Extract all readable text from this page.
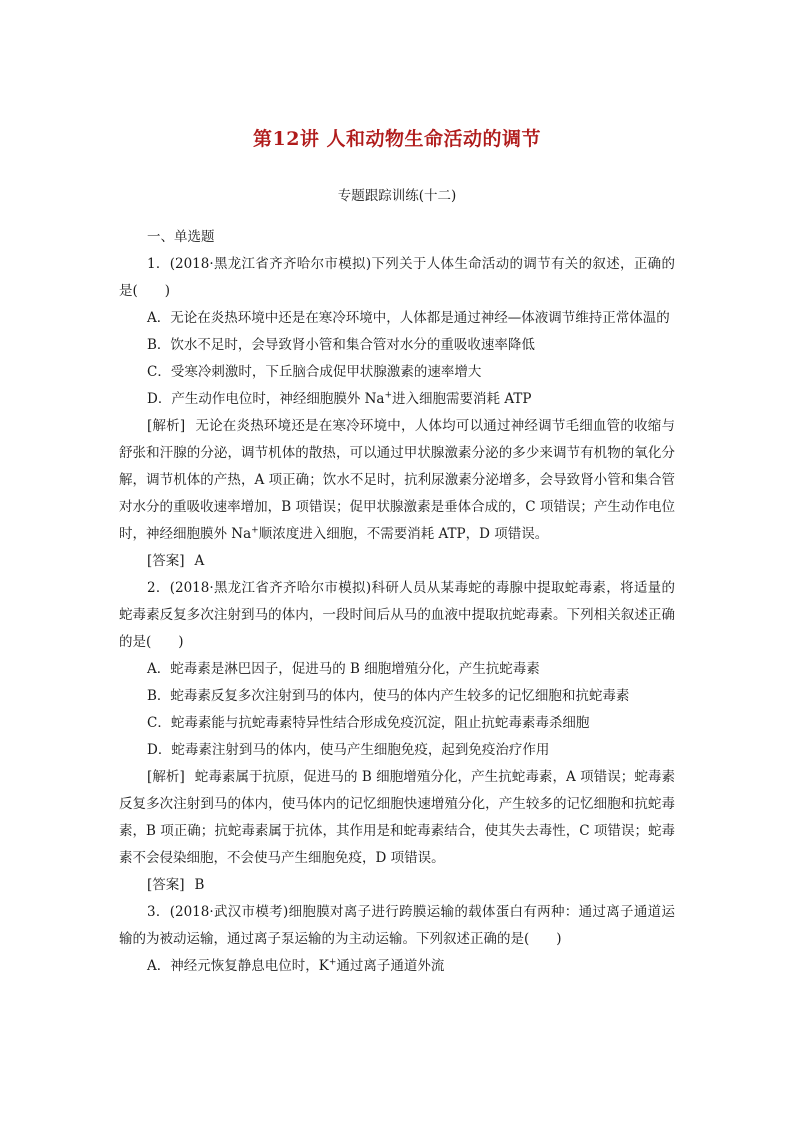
第12讲 人和动物生命活动的调节
专题跟踪训练(十二)

一、单选题

1．(2018·黑龙江省齐齐哈尔市模拟)下列关于人体生命活动的调节有关的叙述，正确的是(　　)

A．无论在炎热环境中还是在寒冷环境中，人体都是通过神经—体液调节维持正常体温的

B．饮水不足时，会导致肾小管和集合管对水分的重吸收速率降低

C．受寒冷刺激时，下丘脑合成促甲状腺激素的速率增大

D．产生动作电位时，神经细胞膜外 Na+进入细胞需要消耗 ATP

[解析] 无论在炎热环境还是在寒冷环境中，人体均可以通过神经调节毛细血管的收缩与舒张和汗腺的分泌，调节机体的散热，可以通过甲状腺激素分泌的多少来调节有机物的氧化分解，调节机体的产热，A 项正确；饮水不足时，抗利尿激素分泌增多，会导致肾小管和集合管对水分的重吸收速率增加，B 项错误；促甲状腺激素是垂体合成的，C 项错误；产生动作电位时，神经细胞膜外 Na+顺浓度进入细胞，不需要消耗 ATP，D 项错误。

[答案] A

2．(2018·黑龙江省齐齐哈尔市模拟)科研人员从某毒蛇的毒腺中提取蛇毒素，将适量的蛇毒素反复多次注射到马的体内，一段时间后从马的血液中提取抗蛇毒素。下列相关叙述正确的是(　　)

A．蛇毒素是淋巴因子，促进马的 B 细胞增殖分化，产生抗蛇毒素

B．蛇毒素反复多次注射到马的体内，使马的体内产生较多的记忆细胞和抗蛇毒素

C．蛇毒素能与抗蛇毒素特异性结合形成免疫沉淀，阻止抗蛇毒素毒杀细胞

D．蛇毒素注射到马的体内，使马产生细胞免疫，起到免疫治疗作用

[解析] 蛇毒素属于抗原，促进马的 B 细胞增殖分化，产生抗蛇毒素，A 项错误；蛇毒素反复多次注射到马的体内，使马体内的记忆细胞快速增殖分化，产生较多的记忆细胞和抗蛇毒素，B 项正确；抗蛇毒素属于抗体，其作用是和蛇毒素结合，使其失去毒性，C 项错误；蛇毒素不会侵染细胞，不会使马产生细胞免疫，D 项错误。

[答案] B

3．(2018·武汉市模考)细胞膜对离子进行跨膜运输的载体蛋白有两种：通过离子通道运输的为被动运输，通过离子泵运输的为主动运输。下列叙述正确的是(　　)

A．神经元恢复静息电位时，K+通过离子通道外流
